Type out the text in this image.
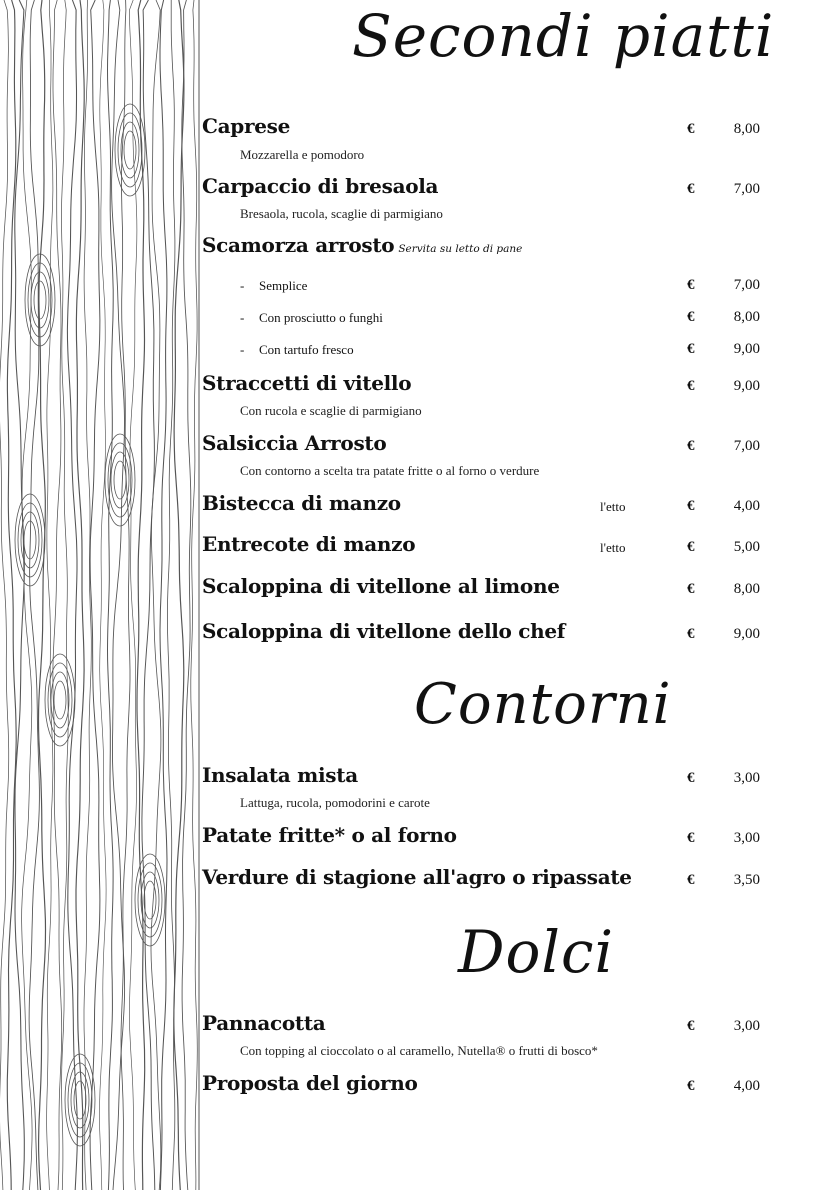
Secondi piatti
Caprese	€	8,00
Mozzarella e pomodoro
Carpaccio di bresaola	€	7,00
Bresaola, rucola, scaglie di parmigiano
Scamorza arrosto Servita su letto di pane
- Semplice	€	7,00
- Con prosciutto o funghi	€	8,00
- Con tartufo fresco	€	9,00
Straccetti di vitello	€	9,00
Con rucola e scaglie di parmigiano
Salsiccia Arrosto	€	7,00
Con contorno a scelta tra patate fritte o al forno o verdure
Bistecca di manzo	l'etto	€	4,00
Entrecote di manzo	l'etto	€	5,00
Scaloppina di vitellone al limone	€	8,00
Scaloppina di vitellone dello chef	€	9,00
Contorni
Insalata mista	€	3,00
Lattuga, rucola, pomodorini e carote
Patate fritte* o al forno	€	3,00
Verdure di stagione all'agro o ripassate	€	3,50
Dolci
Pannacotta	€	3,00
Con topping al cioccolato o al caramello, Nutella® o frutti di bosco*
Proposta del giorno	€	4,00
